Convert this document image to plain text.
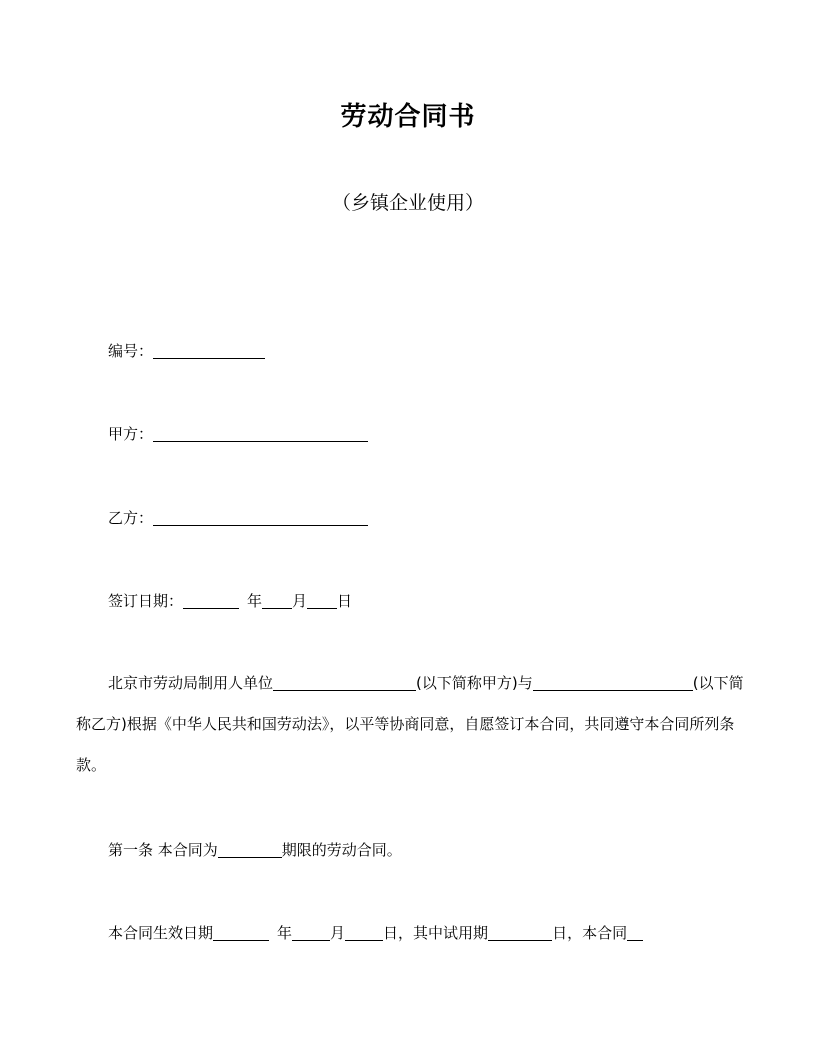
劳动合同书

（乡镇企业使用）

编号：
甲方：
乙方：
签订日期：	年 月 日

北京市劳动局制用人单位	(以下简称甲方)与	(以下简称乙方)根据《中华人民共和国劳动法》，以平等协商同意，自愿签订本合同，共同遵守本合同所列条款。

第一条 本合同为	期限的劳动合同。
本合同生效日期	年	月	日，其中试用期	日，本合同
